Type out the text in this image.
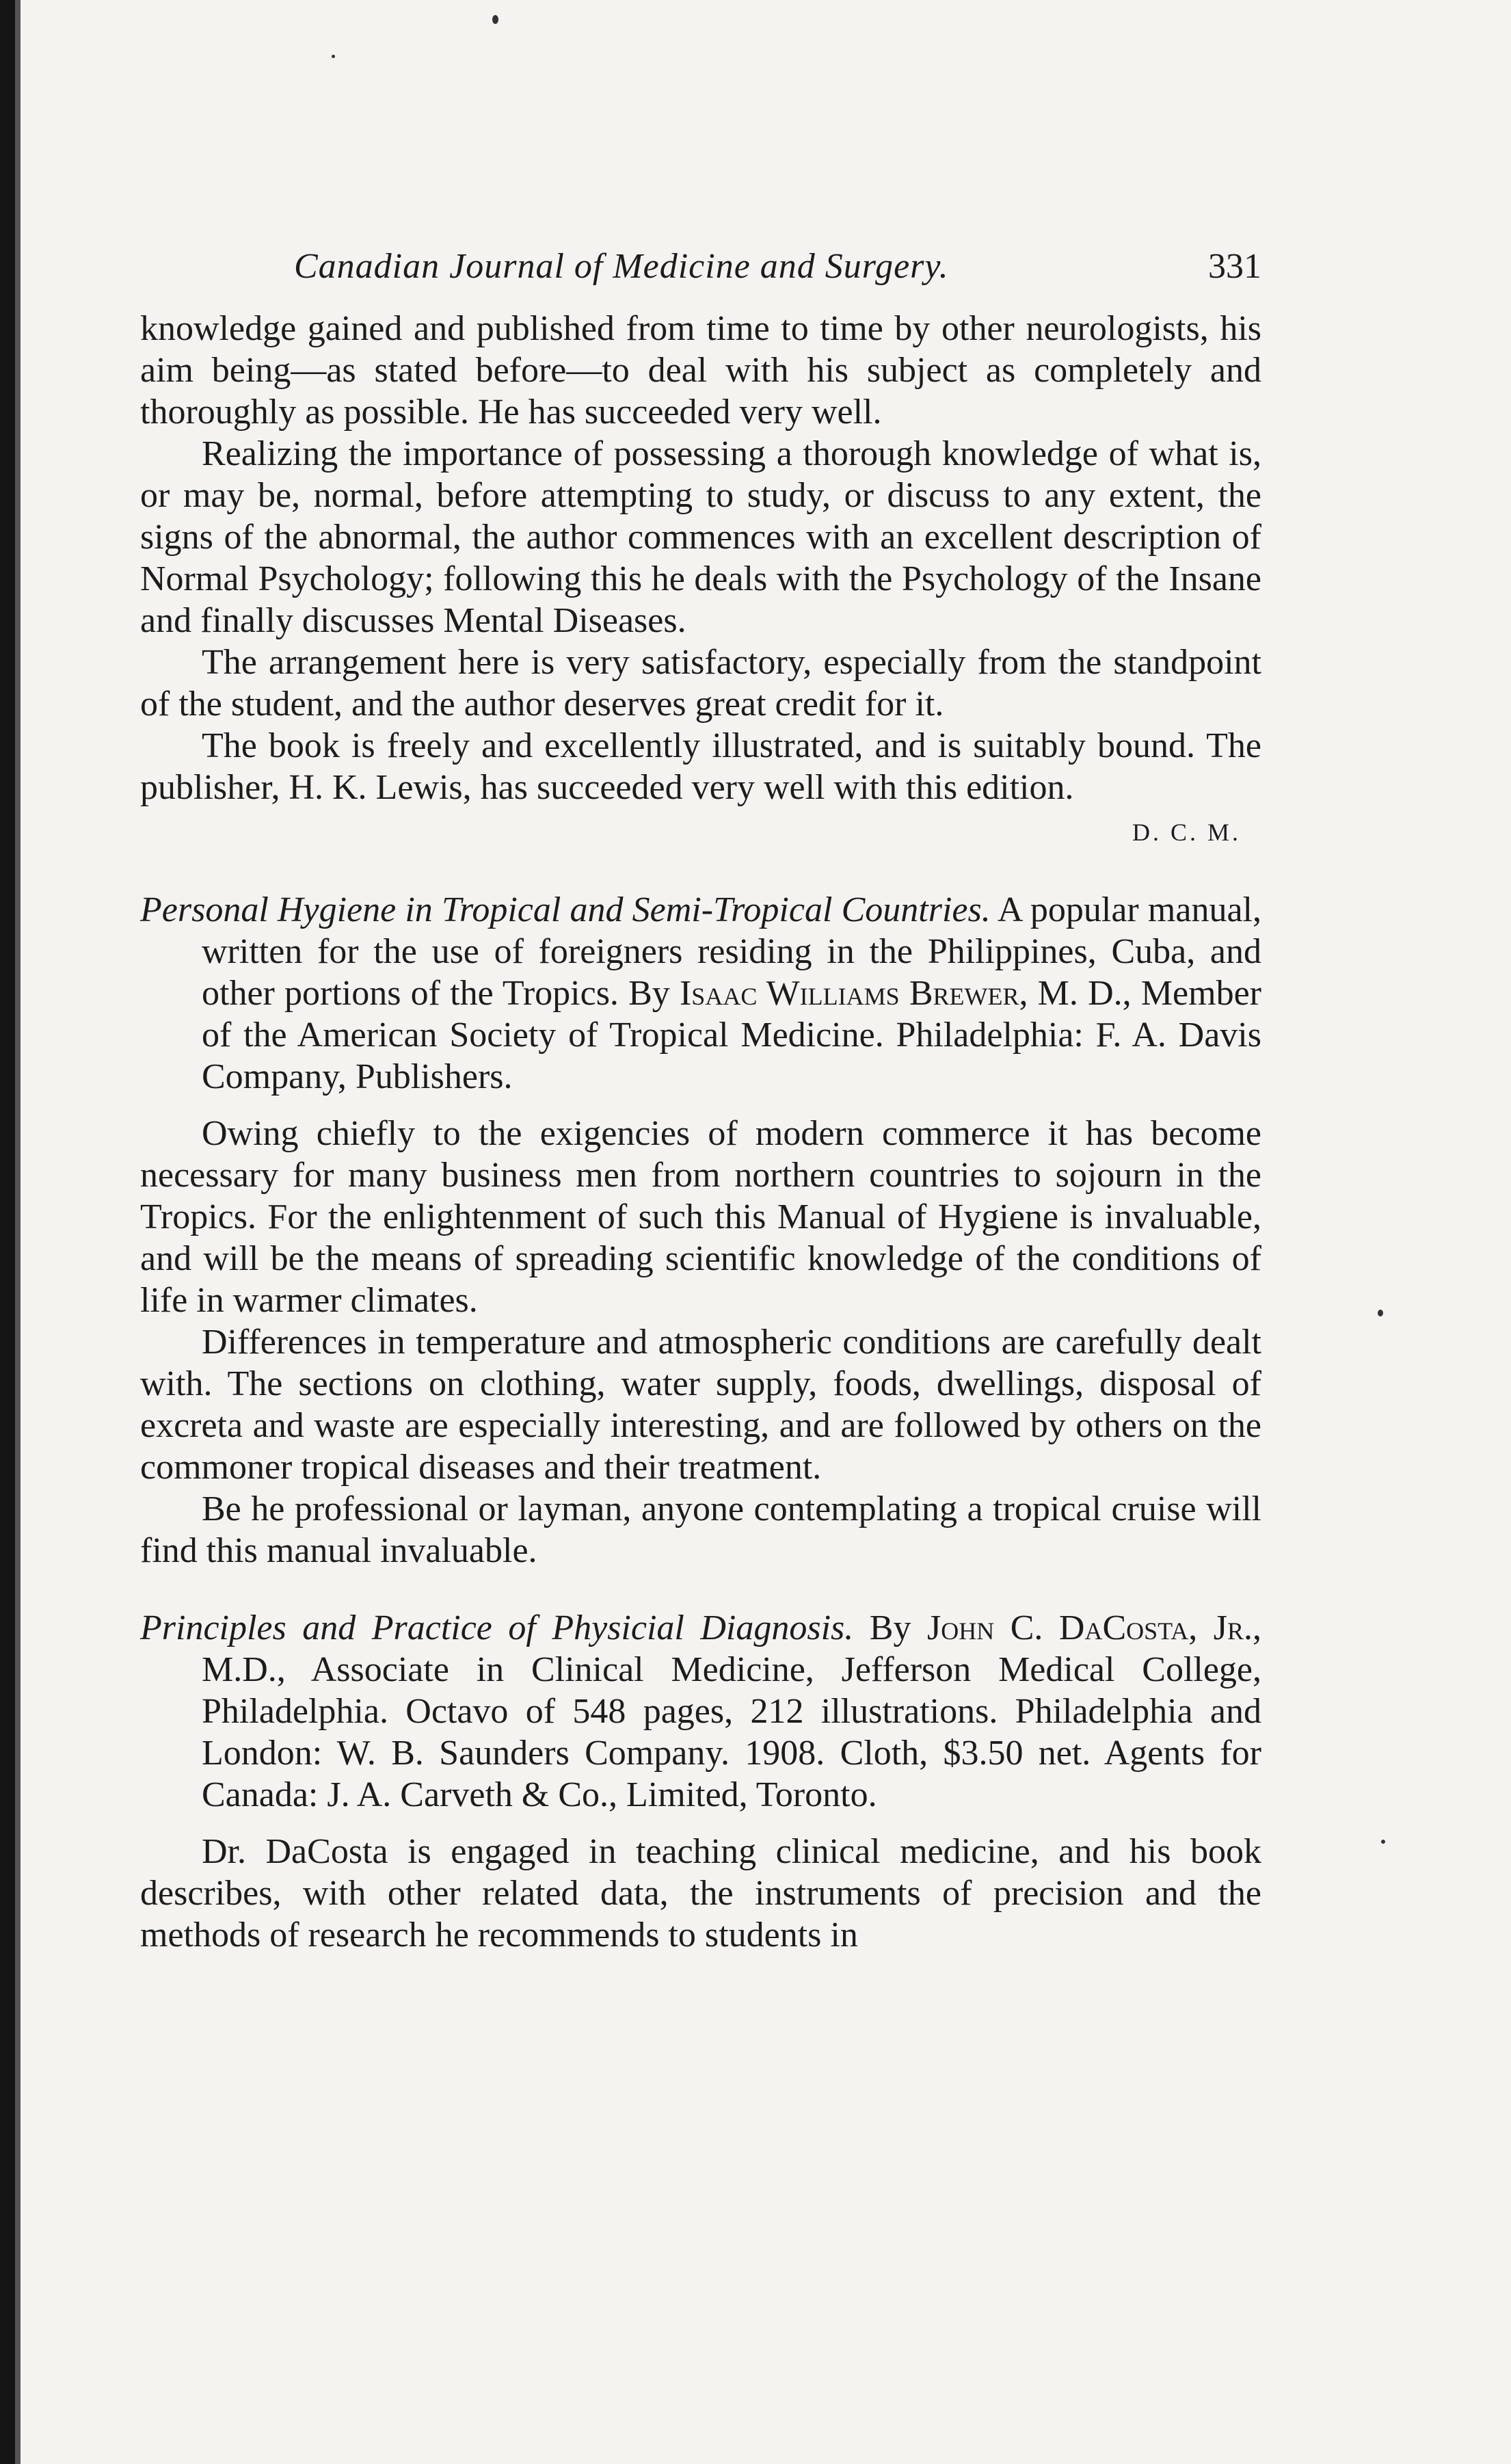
Canadian Journal of Medicine and Surgery.	331

knowledge gained and published from time to time by other neurologists, his aim being—as stated before—to deal with his subject as completely and thoroughly as possible. He has succeeded very well.

Realizing the importance of possessing a thorough knowledge of what is, or may be, normal, before attempting to study, or discuss to any extent, the signs of the abnormal, the author commences with an excellent description of Normal Psychology; following this he deals with the Psychology of the Insane and finally discusses Mental Diseases.

The arrangement here is very satisfactory, especially from the standpoint of the student, and the author deserves great credit for it.

The book is freely and excellently illustrated, and is suitably bound. The publisher, H. K. Lewis, has succeeded very well with this edition.

D. C. M.

Personal Hygiene in Tropical and Semi-Tropical Countries. A popular manual, written for the use of foreigners residing in the Philippines, Cuba, and other portions of the Tropics. By Isaac Williams Brewer, M. D., Member of the American Society of Tropical Medicine. Philadelphia: F. A. Davis Company, Publishers.

Owing chiefly to the exigencies of modern commerce it has become necessary for many business men from northern countries to sojourn in the Tropics. For the enlightenment of such this Manual of Hygiene is invaluable, and will be the means of spreading scientific knowledge of the conditions of life in warmer climates.

Differences in temperature and atmospheric conditions are carefully dealt with. The sections on clothing, water supply, foods, dwellings, disposal of excreta and waste are especially interesting, and are followed by others on the commoner tropical diseases and their treatment.

Be he professional or layman, anyone contemplating a tropical cruise will find this manual invaluable.

Principles and Practice of Physicial Diagnosis. By John C. DaCosta, Jr., M.D., Associate in Clinical Medicine, Jefferson Medical College, Philadelphia. Octavo of 548 pages, 212 illustrations. Philadelphia and London: W. B. Saunders Company. 1908. Cloth, $3.50 net. Agents for Canada: J. A. Carveth & Co., Limited, Toronto.

Dr. DaCosta is engaged in teaching clinical medicine, and his book describes, with other related data, the instruments of precision and the methods of research he recommends to students in
